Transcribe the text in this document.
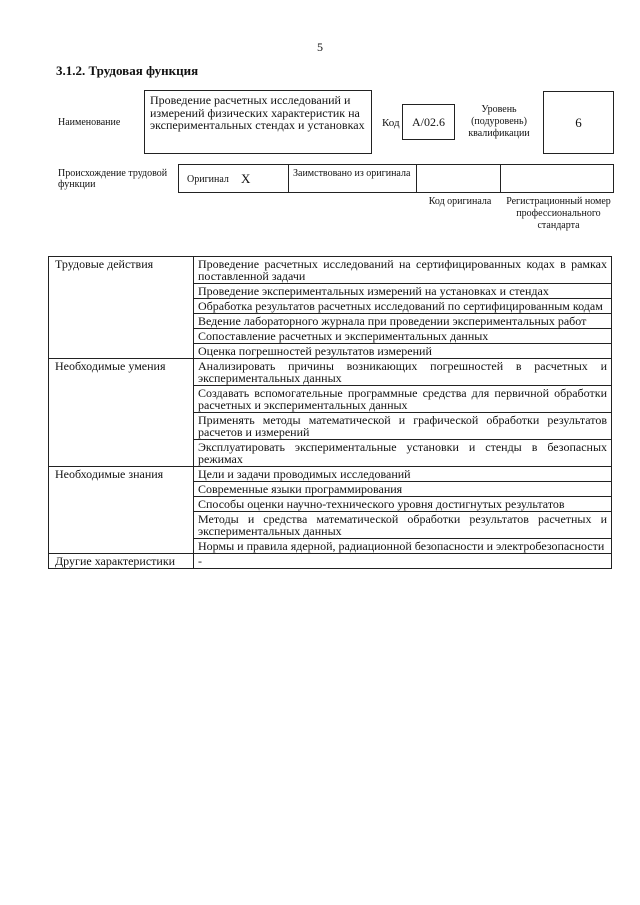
5
3.1.2. Трудовая функция
Наименование
Проведение расчетных исследований и измерений физических характеристик на экспериментальных стендах и установках	Код	A/02.6
Уровень (подуровень) квалификации
6
Происхождение трудовой функции	Оригинал X	Заимствовано из оригинала
Код оригинала	Регистрационный номер профессионального стандарта
Трудовые действия	Проведение расчетных исследований на сертифицированных кодах в рамках поставленной задачи
	Проведение экспериментальных измерений на установках и стендах
	Обработка результатов расчетных исследований по сертифицированным кодам
	Ведение лабораторного журнала при проведении экспериментальных работ
	Сопоставление расчетных и экспериментальных данных
	Оценка погрешностей результатов измерений
Необходимые умения	Анализировать причины возникающих погрешностей в расчетных и экспериментальных данных
	Создавать вспомогательные программные средства для первичной обработки расчетных и экспериментальных данных
	Применять методы математической и графической обработки результатов расчетов и измерений
	Эксплуатировать экспериментальные установки и стенды в безопасных режимах
Необходимые знания	Цели и задачи проводимых исследований
	Современные языки программирования
	Способы оценки научно-технического уровня достигнутых результатов
	Методы и средства математической обработки результатов расчетных и экспериментальных данных
	Нормы и правила ядерной, радиационной безопасности и электробезопасности
Другие характеристики	-
